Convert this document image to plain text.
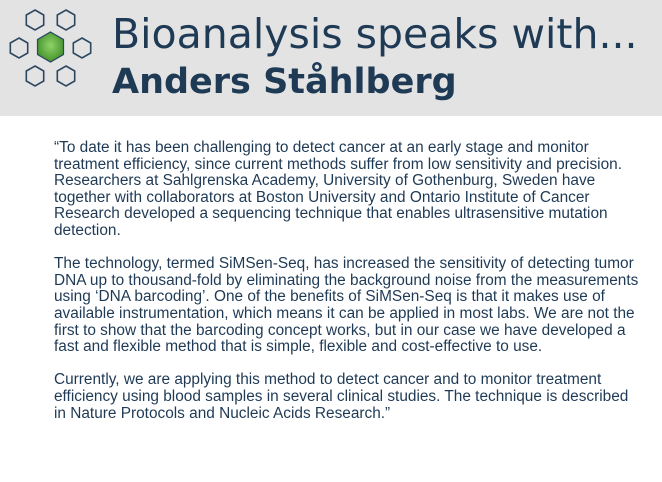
Bioanalysis speaks with...
Anders Ståhlberg

“To date it has been challenging to detect cancer at an early stage and monitor treatment efficiency, since current methods suffer from low sensitivity and precision. Researchers at Sahlgrenska Academy, University of Gothenburg, Sweden have together with collaborators at Boston University and Ontario Institute of Cancer Research developed a sequencing technique that enables ultrasensitive mutation detection.

The technology, termed SiMSen-Seq, has increased the sensitivity of detecting tumor DNA up to thousand-fold by eliminating the background noise from the measurements using ‘DNA barcoding’. One of the benefits of SiMSen-Seq is that it makes use of available instrumentation, which means it can be applied in most labs. We are not the first to show that the barcoding concept works, but in our case we have developed a fast and flexible method that is simple, flexible and cost-effective to use.

Currently, we are applying this method to detect cancer and to monitor treatment efficiency using blood samples in several clinical studies. The technique is described in Nature Protocols and Nucleic Acids Research.”
